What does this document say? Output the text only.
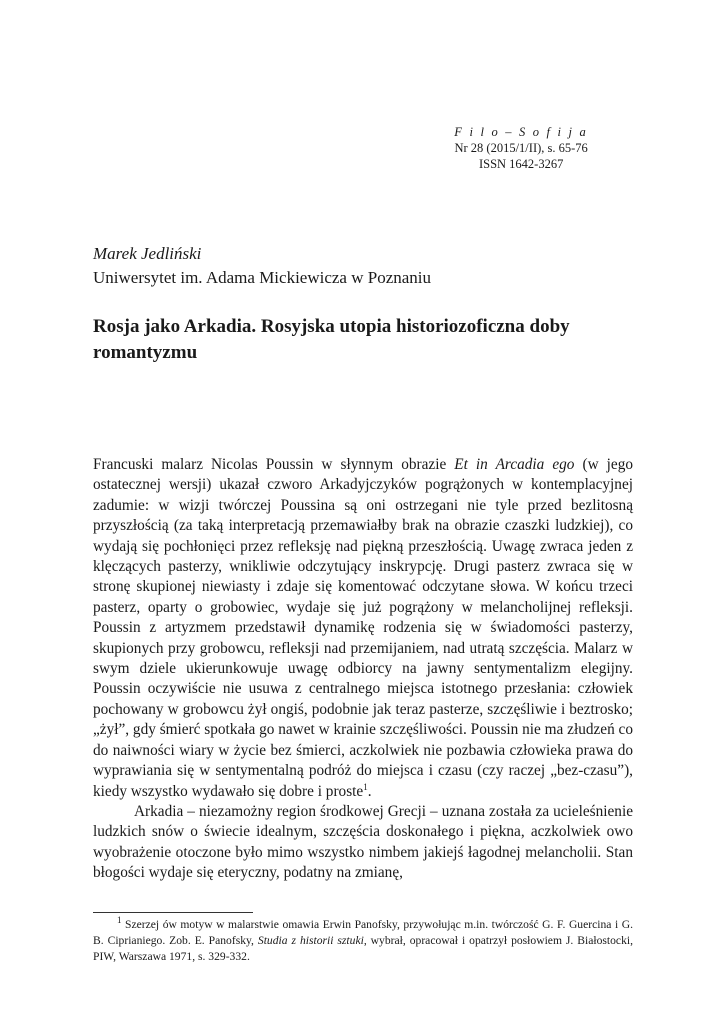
F i l o – S o f i j a
Nr 28 (2015/1/II), s. 65-76
ISSN 1642-3267
Marek Jedliński
Uniwersytet im. Adama Mickiewicza w Poznaniu
Rosja jako Arkadia. Rosyjska utopia historiozoficzna doby romantyzmu

Francuski malarz Nicolas Poussin w słynnym obrazie Et in Arcadia ego (w jego ostatecznej wersji) ukazał czworo Arkadyjczyków pogrążonych w kontemplacyjnej zadumie: w wizji twórczej Poussina są oni ostrzegani nie tyle przed bezlitosną przyszłością (za taką interpretacją przemawiałby brak na obrazie czaszki ludzkiej), co wydają się pochłonięci przez refleksję nad piękną przeszłością. Uwagę zwraca jeden z klęczących pasterzy, wnikliwie odczytujący inskrypcję. Drugi pasterz zwraca się w stronę skupionej niewiasty i zdaje się komentować odczytane słowa. W końcu trzeci pasterz, oparty o grobowiec, wydaje się już pogrążony w melancholijnej refleksji. Poussin z artyzmem przedstawił dynamikę rodzenia się w świadomości pasterzy, skupionych przy grobowcu, refleksji nad przemijaniem, nad utratą szczęścia. Malarz w swym dziele ukierunkowuje uwagę odbiorcy na jawny sentymentalizm elegijny. Poussin oczywiście nie usuwa z centralnego miejsca istotnego przesłania: człowiek pochowany w grobowcu żył ongiś, podobnie jak teraz pasterze, szczęśliwie i beztrosko; „żył”, gdy śmierć spotkała go nawet w krainie szczęśliwości. Poussin nie ma złudzeń co do naiwności wiary w życie bez śmierci, aczkolwiek nie pozbawia człowieka prawa do wyprawiania się w sentymentalną podróż do miejsca i czasu (czy raczej „bez-czasu”), kiedy wszystko wydawało się dobre i proste$^1$.

Arkadia – niezamożny region środkowej Grecji – uznana została za ucieleśnienie ludzkich snów o świecie idealnym, szczęścia doskonałego i piękna, aczkolwiek owo wyobrażenie otoczone było mimo wszystko nimbem jakiejś łagodnej melancholii. Stan błogości wydaje się eteryczny, podatny na zmianę,

$^1$ Szerzej ów motyw w malarstwie omawia Erwin Panofsky, przywołując m.in. twórczość G. F. Guercina i G. B. Ciprianiego. Zob. E. Panofsky, Studia z historii sztuki, wybrał, opracował i opatrzył posłowiem J. Białostocki, PIW, Warszawa 1971, s. 329-332.
